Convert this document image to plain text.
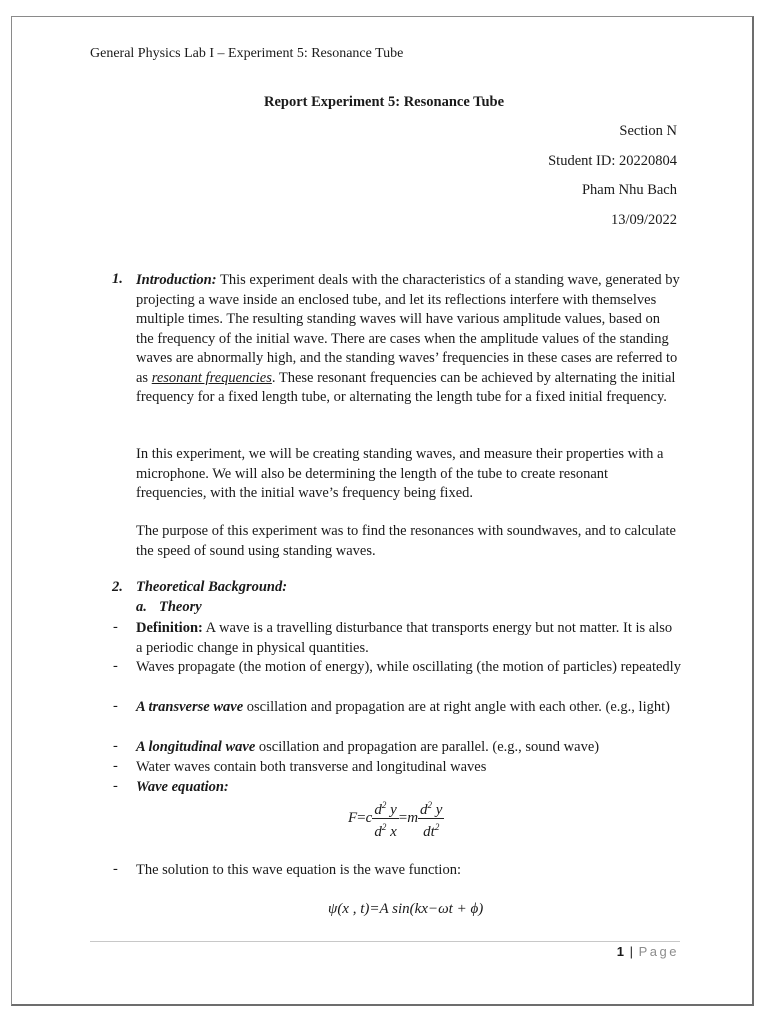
General Physics Lab I – Experiment 5: Resonance Tube
Report Experiment 5: Resonance Tube
Section N
Student ID: 20220804
Pham Nhu Bach
13/09/2022
1. Introduction: This experiment deals with the characteristics of a standing wave, generated by projecting a wave inside an enclosed tube, and let its reflections interfere with themselves multiple times. The resulting standing waves will have various amplitude values, based on the frequency of the initial wave. There are cases when the amplitude values of the standing waves are abnormally high, and the standing waves’ frequencies in these cases are referred to as resonant frequencies. These resonant frequencies can be achieved by alternating the initial frequency for a fixed length tube, or alternating the length tube for a fixed initial frequency.
In this experiment, we will be creating standing waves, and measure their properties with a microphone. We will also be determining the length of the tube to create resonant frequencies, with the initial wave’s frequency being fixed.
The purpose of this experiment was to find the resonances with soundwaves, and to calculate the speed of sound using standing waves.
2. Theoretical Background:
a. Theory
- Definition: A wave is a travelling disturbance that transports energy but not matter. It is also a periodic change in physical quantities.
- Waves propagate (the motion of energy), while oscillating (the motion of particles) repeatedly
- A transverse wave oscillation and propagation are at right angle with each other. (e.g., light)
- A longitudinal wave oscillation and propagation are parallel. (e.g., sound wave)
- Water waves contain both transverse and longitudinal waves
- Wave equation:
$F=c \frac{d^2 y}{d^2 x} =m \frac{d^2 y}{dt^2}$
- The solution to this wave equation is the wave function:
ψ(x , t)=A sin(kx−ωt + ϕ)
1 | Page
